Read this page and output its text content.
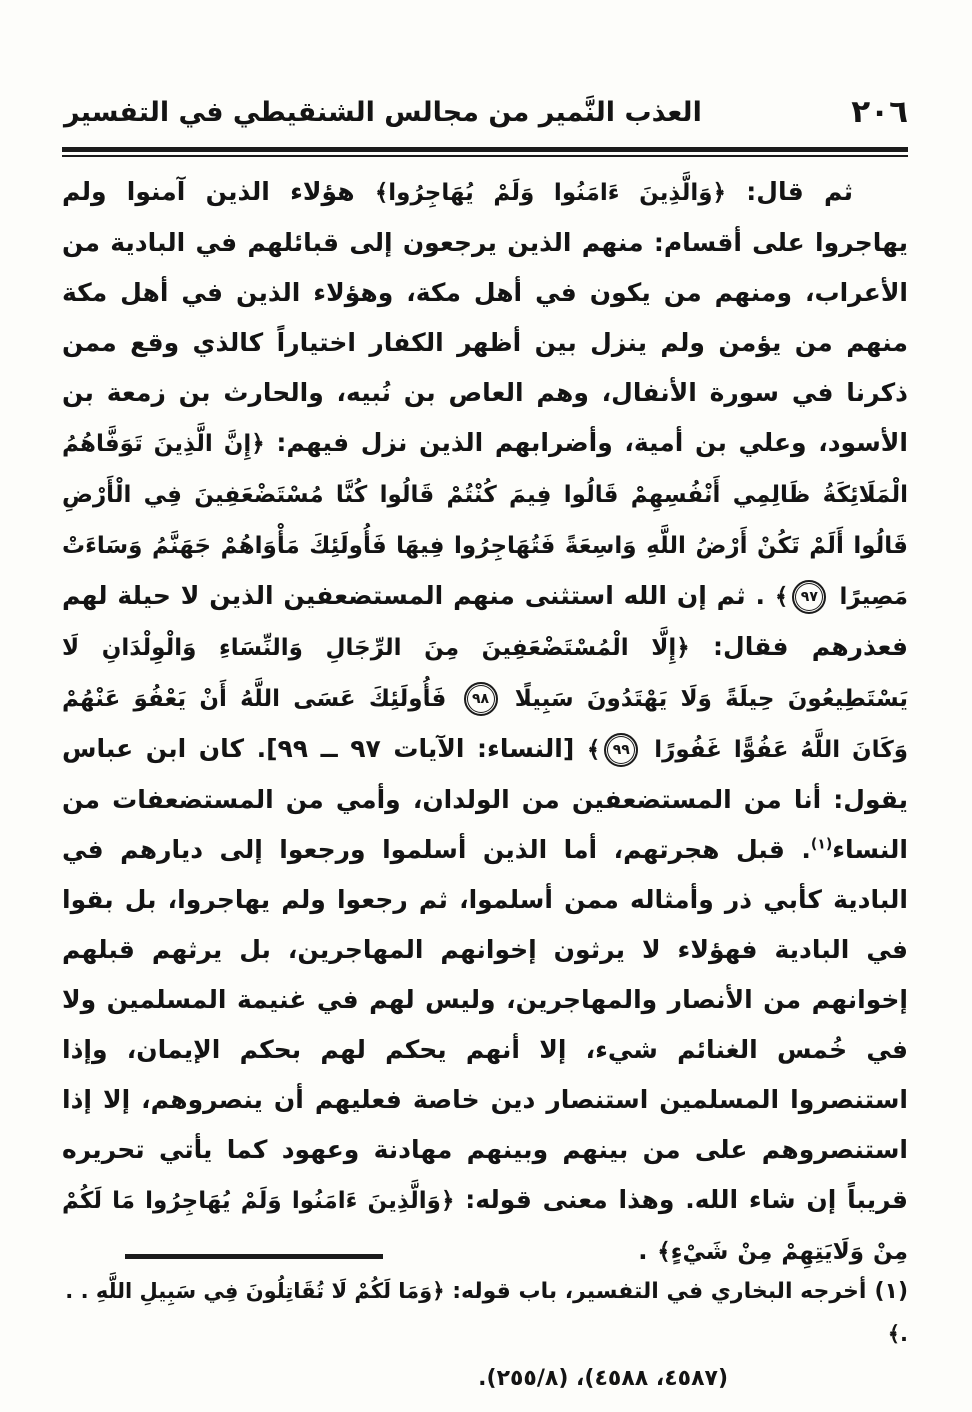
٢٠٦
العذب النَّمير من مجالس الشنقيطي في التفسير
ثم قال: ﴿وَالَّذِينَ ءَامَنُوا وَلَمْ يُهَاجِرُوا﴾ هؤلاء الذين آمنوا ولم يهاجروا على أقسام: منهم الذين يرجعون إلى قبائلهم في البادية من الأعراب، ومنهم من يكون في أهل مكة، وهؤلاء الذين في أهل مكة منهم من يؤمن ولم ينزل بين أظهر الكفار اختياراً كالذي وقع ممن ذكرنا في سورة الأنفال، وهم العاص بن نُبيه، والحارث بن زمعة بن الأسود، وعلي بن أمية، وأضرابهم الذين نزل فيهم: ﴿إِنَّ الَّذِينَ تَوَفَّاهُمُ الْمَلَائِكَةُ ظَالِمِي أَنْفُسِهِمْ قَالُوا فِيمَ كُنْتُمْ قَالُوا كُنَّا مُسْتَضْعَفِينَ فِي الْأَرْضِ قَالُوا أَلَمْ تَكُنْ أَرْضُ اللَّهِ وَاسِعَةً فَتُهَاجِرُوا فِيهَا فَأُولَئِكَ مَأْوَاهُمْ جَهَنَّمُ وَسَاءَتْ مَصِيرًا ٩٧﴾ . ثم إن الله استثنى منهم المستضعفين الذين لا حيلة لهم فعذرهم فقال: ﴿إِلَّا الْمُسْتَضْعَفِينَ مِنَ الرِّجَالِ وَالنِّسَاءِ وَالْوِلْدَانِ لَا يَسْتَطِيعُونَ حِيلَةً وَلَا يَهْتَدُونَ سَبِيلًا ٩٨ فَأُولَئِكَ عَسَى اللَّهُ أَنْ يَعْفُوَ عَنْهُمْ وَكَانَ اللَّهُ عَفُوًّا غَفُورًا ٩٩﴾ [النساء: الآيات ٩٧ ــ ٩٩]. كان ابن عباس يقول: أنا من المستضعفين من الولدان، وأمي من المستضعفات من النساء$^{(١)}$. قبل هجرتهم، أما الذين أسلموا ورجعوا إلى ديارهم في البادية كأبي ذر وأمثاله ممن أسلموا، ثم رجعوا ولم يهاجروا، بل بقوا في البادية فهؤلاء لا يرثون إخوانهم المهاجرين، بل يرثهم قبلهم إخوانهم من الأنصار والمهاجرين، وليس لهم في غنيمة المسلمين ولا في خُمس الغنائم شيء، إلا أنهم يحكم لهم بحكم الإيمان، وإذا استنصروا المسلمين استنصار دين خاصة فعليهم أن ينصروهم، إلا إذا استنصروهم على من بينهم وبينهم مهادنة وعهود كما يأتي تحريره قريباً إن شاء الله. وهذا معنى قوله: ﴿وَالَّذِينَ ءَامَنُوا وَلَمْ يُهَاجِرُوا مَا لَكُمْ مِنْ وَلَايَتِهِمْ مِنْ شَيْءٍ﴾ .
(١)أخرجه البخاري في التفسير، باب قوله: ﴿وَمَا لَكُمْ لَا تُقَاتِلُونَ فِي سَبِيلِ اللَّهِ . . .﴾
(٤٥٨٧، ٤٥٨٨)، (٢٥٥/٨).
